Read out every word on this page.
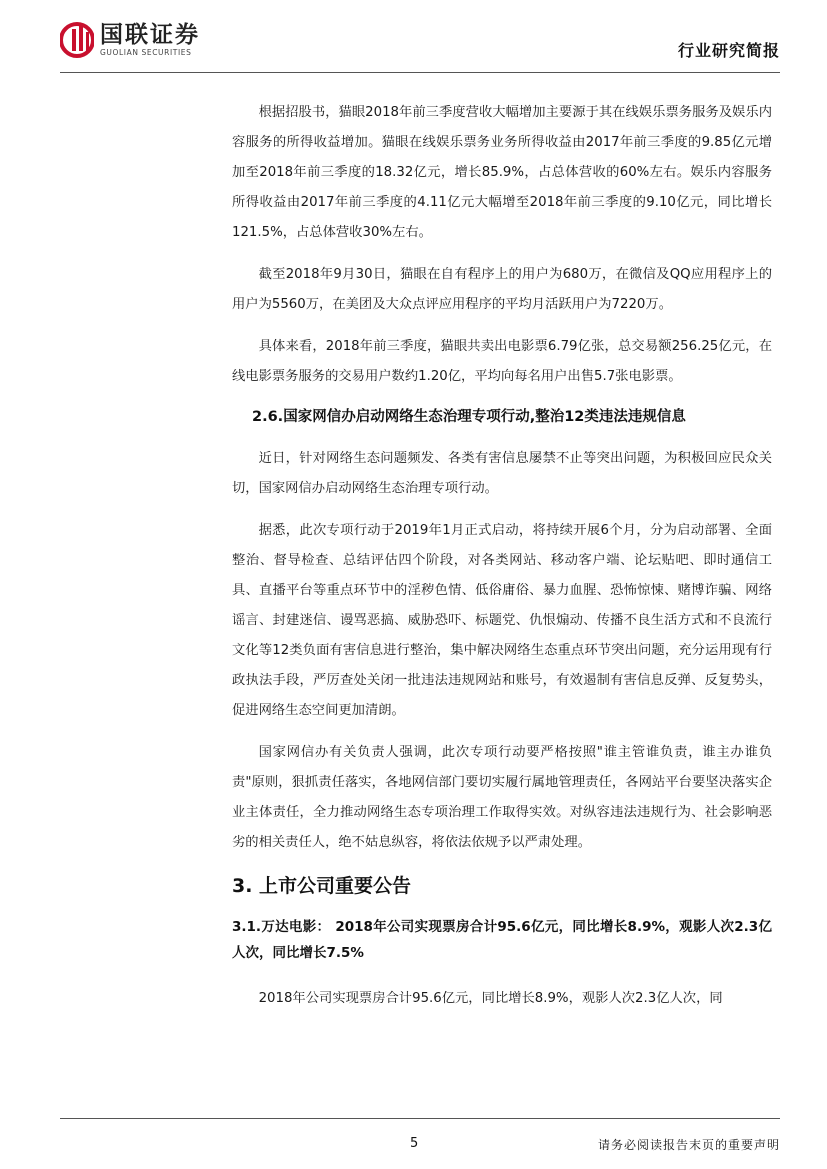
国联证券
GUOLIAN SECURITIES	行业研究简报

根据招股书，猫眼2018年前三季度营收大幅增加主要源于其在线娱乐票务服务及娱乐内容服务的所得收益增加。猫眼在线娱乐票务业务所得收益由2017年前三季度的9.85亿元增加至2018年前三季度的18.32亿元，增长85.9%，占总体营收的60%左右。娱乐内容服务所得收益由2017年前三季度的4.11亿元大幅增至2018年前三季度的9.10亿元，同比增长121.5%，占总体营收30%左右。

截至2018年9月30日，猫眼在自有程序上的用户为680万，在微信及QQ应用程序上的用户为5560万，在美团及大众点评应用程序的平均月活跃用户为7220万。

具体来看，2018年前三季度，猫眼共卖出电影票6.79亿张，总交易额256.25亿元，在线电影票务服务的交易用户数约1.20亿，平均向每名用户出售5.7张电影票。

2.6.国家网信办启动网络生态治理专项行动,整治12类违法违规信息

近日，针对网络生态问题频发、各类有害信息屡禁不止等突出问题，为积极回应民众关切，国家网信办启动网络生态治理专项行动。

据悉，此次专项行动于2019年1月正式启动，将持续开展6个月，分为启动部署、全面整治、督导检查、总结评估四个阶段，对各类网站、移动客户端、论坛贴吧、即时通信工具、直播平台等重点环节中的淫秽色情、低俗庸俗、暴力血腥、恐怖惊悚、赌博诈骗、网络谣言、封建迷信、谩骂恶搞、威胁恐吓、标题党、仇恨煽动、传播不良生活方式和不良流行文化等12类负面有害信息进行整治，集中解决网络生态重点环节突出问题，充分运用现有行政执法手段，严厉查处关闭一批违法违规网站和账号，有效遏制有害信息反弹、反复势头，促进网络生态空间更加清朗。

国家网信办有关负责人强调，此次专项行动要严格按照"谁主管谁负责，谁主办谁负责"原则，狠抓责任落实，各地网信部门要切实履行属地管理责任，各网站平台要坚决落实企业主体责任，全力推动网络生态专项治理工作取得实效。对纵容违法违规行为、社会影响恶劣的相关责任人，绝不姑息纵容，将依法依规予以严肃处理。

3. 上市公司重要公告
3.1.万达电影： 2018年公司实现票房合计95.6亿元，同比增长8.9%，观影人次2.3亿人次，同比增长7.5%

2018年公司实现票房合计95.6亿元，同比增长8.9%，观影人次2.3亿人次，同

5	请务必阅读报告末页的重要声明
